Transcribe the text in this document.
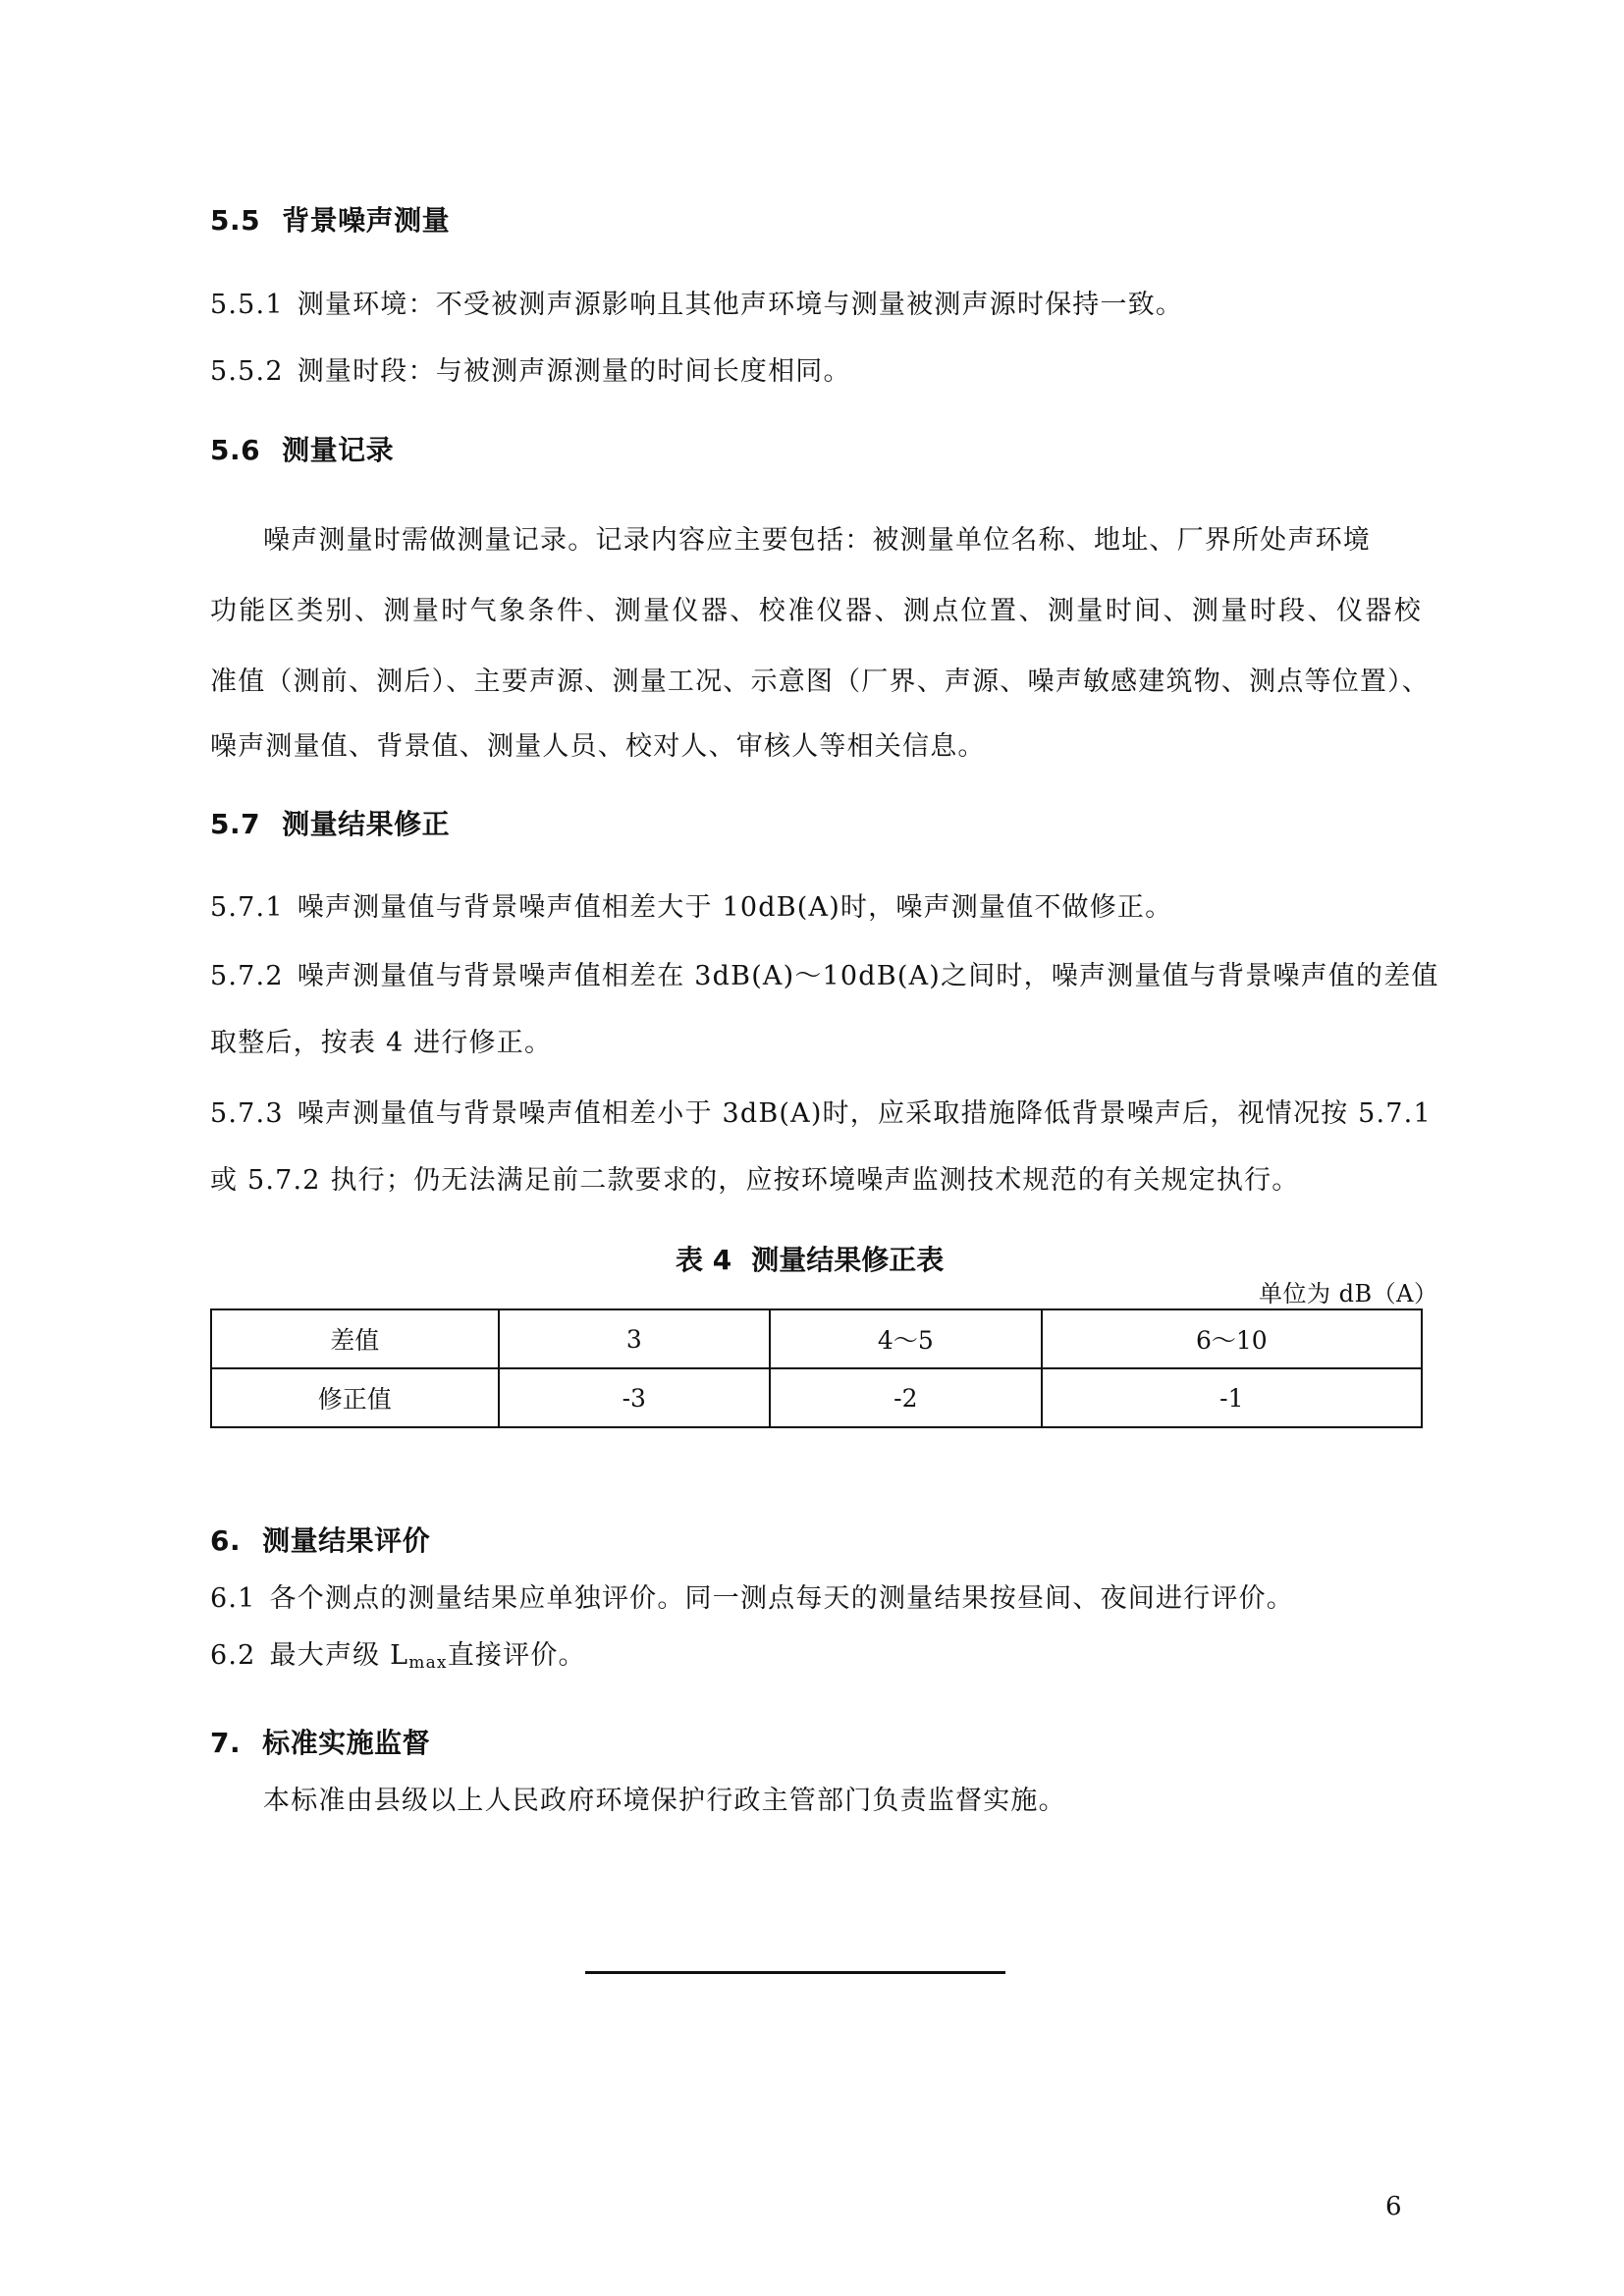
5.5 背景噪声测量
5.5.1 测量环境：不受被测声源影响且其他声环境与测量被测声源时保持一致。
5.5.2 测量时段：与被测声源测量的时间长度相同。
5.6 测量记录
噪声测量时需做测量记录。记录内容应主要包括：被测量单位名称、地址、厂界所处声环境
功能区类别、测量时气象条件、测量仪器、校准仪器、测点位置、测量时间、测量时段、仪器校
准值（测前、测后）、主要声源、测量工况、示意图（厂界、声源、噪声敏感建筑物、测点等位置）、
噪声测量值、背景值、测量人员、校对人、审核人等相关信息。
5.7 测量结果修正
5.7.1 噪声测量值与背景噪声值相差大于 10dB(A)时，噪声测量值不做修正。
5.7.2 噪声测量值与背景噪声值相差在 3dB(A)～10dB(A)之间时，噪声测量值与背景噪声值的差值
取整后，按表 4 进行修正。
5.7.3 噪声测量值与背景噪声值相差小于 3dB(A)时，应采取措施降低背景噪声后，视情况按 5.7.1
或 5.7.2 执行；仍无法满足前二款要求的，应按环境噪声监测技术规范的有关规定执行。
表 4 测量结果修正表
单位为 dB（A）
差值	3	4～5	6～10
修正值	-3	-2	-1
6. 测量结果评价
6.1 各个测点的测量结果应单独评价。同一测点每天的测量结果按昼间、夜间进行评价。
6.2 最大声级 $L_{max}$直接评价。
7. 标准实施监督
本标准由县级以上人民政府环境保护行政主管部门负责监督实施。
6
